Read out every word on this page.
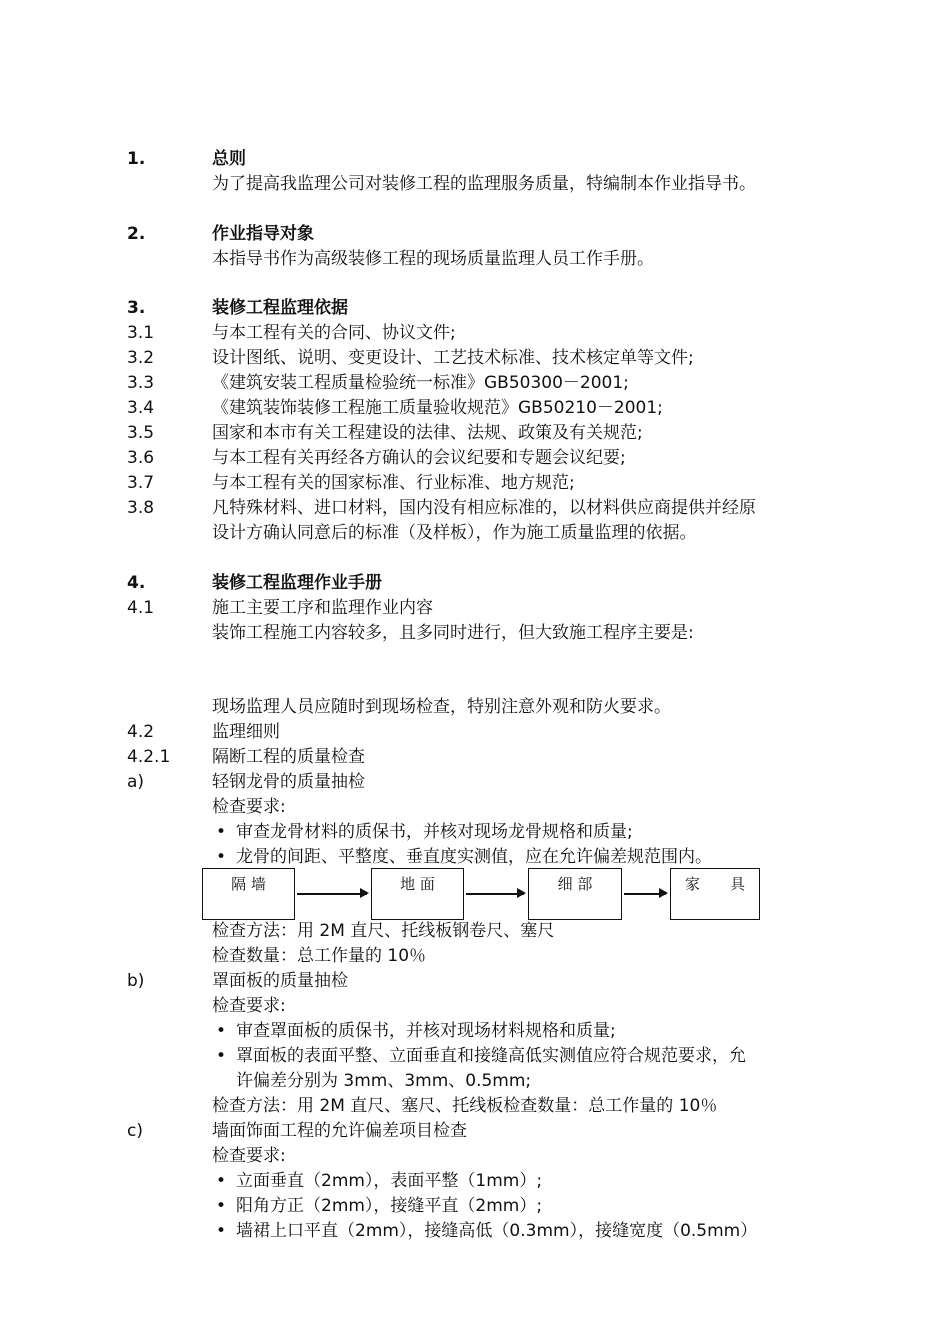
1.	总则
为了提高我监理公司对装修工程的监理服务质量，特编制本作业指导书。
2.	作业指导对象
本指导书作为高级装修工程的现场质量监理人员工作手册。
3.	装修工程监理依据
3.1	与本工程有关的合同、协议文件;
3.2	设计图纸、说明、变更设计、工艺技术标准、技术核定单等文件;
3.3	《建筑安装工程质量检验统一标准》GB50300－2001;
3.4	《建筑装饰装修工程施工质量验收规范》GB50210－2001;
3.5	国家和本市有关工程建设的法律、法规、政策及有关规范;
3.6	与本工程有关再经各方确认的会议纪要和专题会议纪要;
3.7	与本工程有关的国家标准、行业标准、地方规范;
3.8	凡特殊材料、进口材料，国内没有相应标准的，以材料供应商提供并经原
设计方确认同意后的标准（及样板），作为施工质量监理的依据。
4.	装修工程监理作业手册
4.1	施工主要工序和监理作业内容
装饰工程施工内容较多，且多同时进行，但大致施工程序主要是:
现场监理人员应随时到现场检查，特别注意外观和防火要求。
4.2	监理细则
4.2.1 隔断工程的质量检查
a)	轻钢龙骨的质量抽检
检查要求:
• 审查龙骨材料的质保书，并核对现场龙骨规格和质量;
• 龙骨的间距、平整度、垂直度实测值，应在允许偏差规范围内。
隔 墙	地 面	细 部	家　　具
检查方法：用 2M 直尺、托线板钢卷尺、塞尺
检查数量：总工作量的 10％
b)	罩面板的质量抽检
检查要求:
• 审查罩面板的质保书，并核对现场材料规格和质量;
• 罩面板的表面平整、立面垂直和接缝高低实测值应符合规范要求，允
许偏差分别为 3mm、3mm、0.5mm;
检查方法：用 2M 直尺、塞尺、托线板检查数量：总工作量的 10％
c)	墙面饰面工程的允许偏差项目检查
检查要求:
• 立面垂直（2mm），表面平整（1mm）;
• 阳角方正（2mm），接缝平直（2mm）;
• 墙裙上口平直（2mm），接缝高低（0.3mm），接缝宽度（0.5mm）
